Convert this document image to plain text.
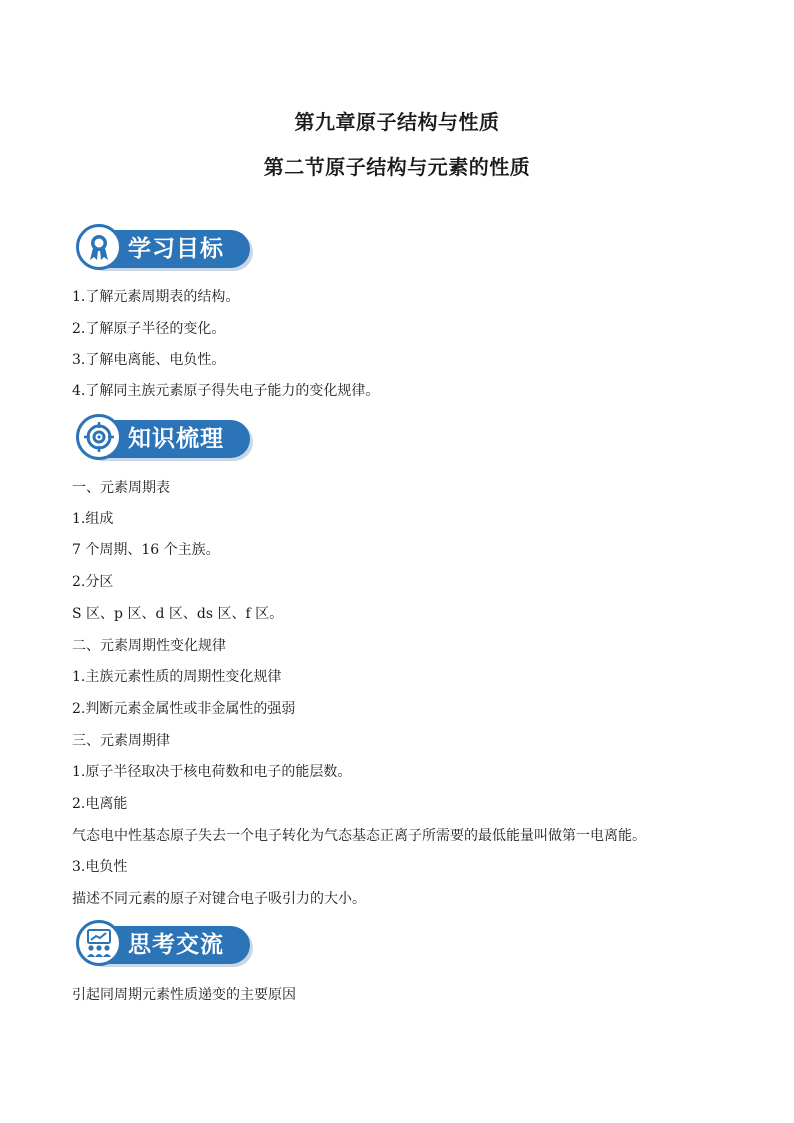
第九章原子结构与性质
第二节原子结构与元素的性质
学习目标
1.了解元素周期表的结构。
2.了解原子半径的变化。
3.了解电离能、电负性。
4.了解同主族元素原子得失电子能力的变化规律。
知识梳理
一、元素周期表
1.组成
7 个周期、16 个主族。
2.分区
S 区、p 区、d 区、ds 区、f 区。
二、元素周期性变化规律
1.主族元素性质的周期性变化规律
2.判断元素金属性或非金属性的强弱
三、元素周期律
1.原子半径取决于核电荷数和电子的能层数。
2.电离能
气态电中性基态原子失去一个电子转化为气态基态正离子所需要的最低能量叫做第一电离能。
3.电负性
描述不同元素的原子对键合电子吸引力的大小。
思考交流
引起同周期元素性质递变的主要原因
